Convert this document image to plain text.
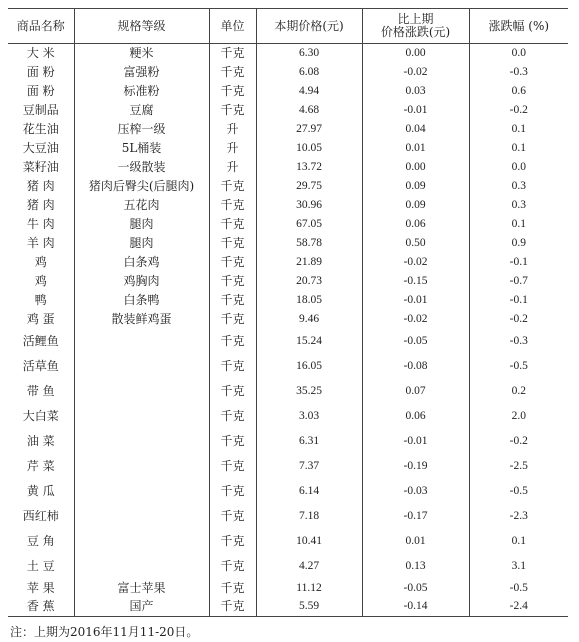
商品名称	规格等级	单位	本期价格(元)	比上期
价格涨跌(元)	涨跌幅 (%)
大 米	粳米	千克	6.30	0.00	0.0
面 粉	富强粉	千克	6.08	-0.02	-0.3
面 粉	标准粉	千克	4.94	0.03	0.6
豆制品	豆腐	千克	4.68	-0.01	-0.2
花生油	压榨一级	升	27.97	0.04	0.1
大豆油	5L桶装	升	10.05	0.01	0.1
菜籽油	一级散装	升	13.72	0.00	0.0
猪 肉	猪肉后臀尖(后腿肉)	千克	29.75	0.09	0.3
猪 肉	五花肉	千克	30.96	0.09	0.3
牛 肉	腿肉	千克	67.05	0.06	0.1
羊 肉	腿肉	千克	58.78	0.50	0.9
鸡	白条鸡	千克	21.89	-0.02	-0.1
鸡	鸡胸肉	千克	20.73	-0.15	-0.7
鸭	白条鸭	千克	18.05	-0.01	-0.1
鸡 蛋	散装鲜鸡蛋	千克	9.46	-0.02	-0.2
活鲤鱼		千克	15.24	-0.05	-0.3
活草鱼		千克	16.05	-0.08	-0.5
带 鱼		千克	35.25	0.07	0.2
大白菜		千克	3.03	0.06	2.0
油 菜		千克	6.31	-0.01	-0.2
芹 菜		千克	7.37	-0.19	-2.5
黄 瓜		千克	6.14	-0.03	-0.5
西红柿		千克	7.18	-0.17	-2.3
豆 角		千克	10.41	0.01	0.1
土 豆		千克	4.27	0.13	3.1
苹 果	富士苹果	千克	11.12	-0.05	-0.5
香 蕉	国产	千克	5.59	-0.14	-2.4
注：上期为2016年11月11-20日。
